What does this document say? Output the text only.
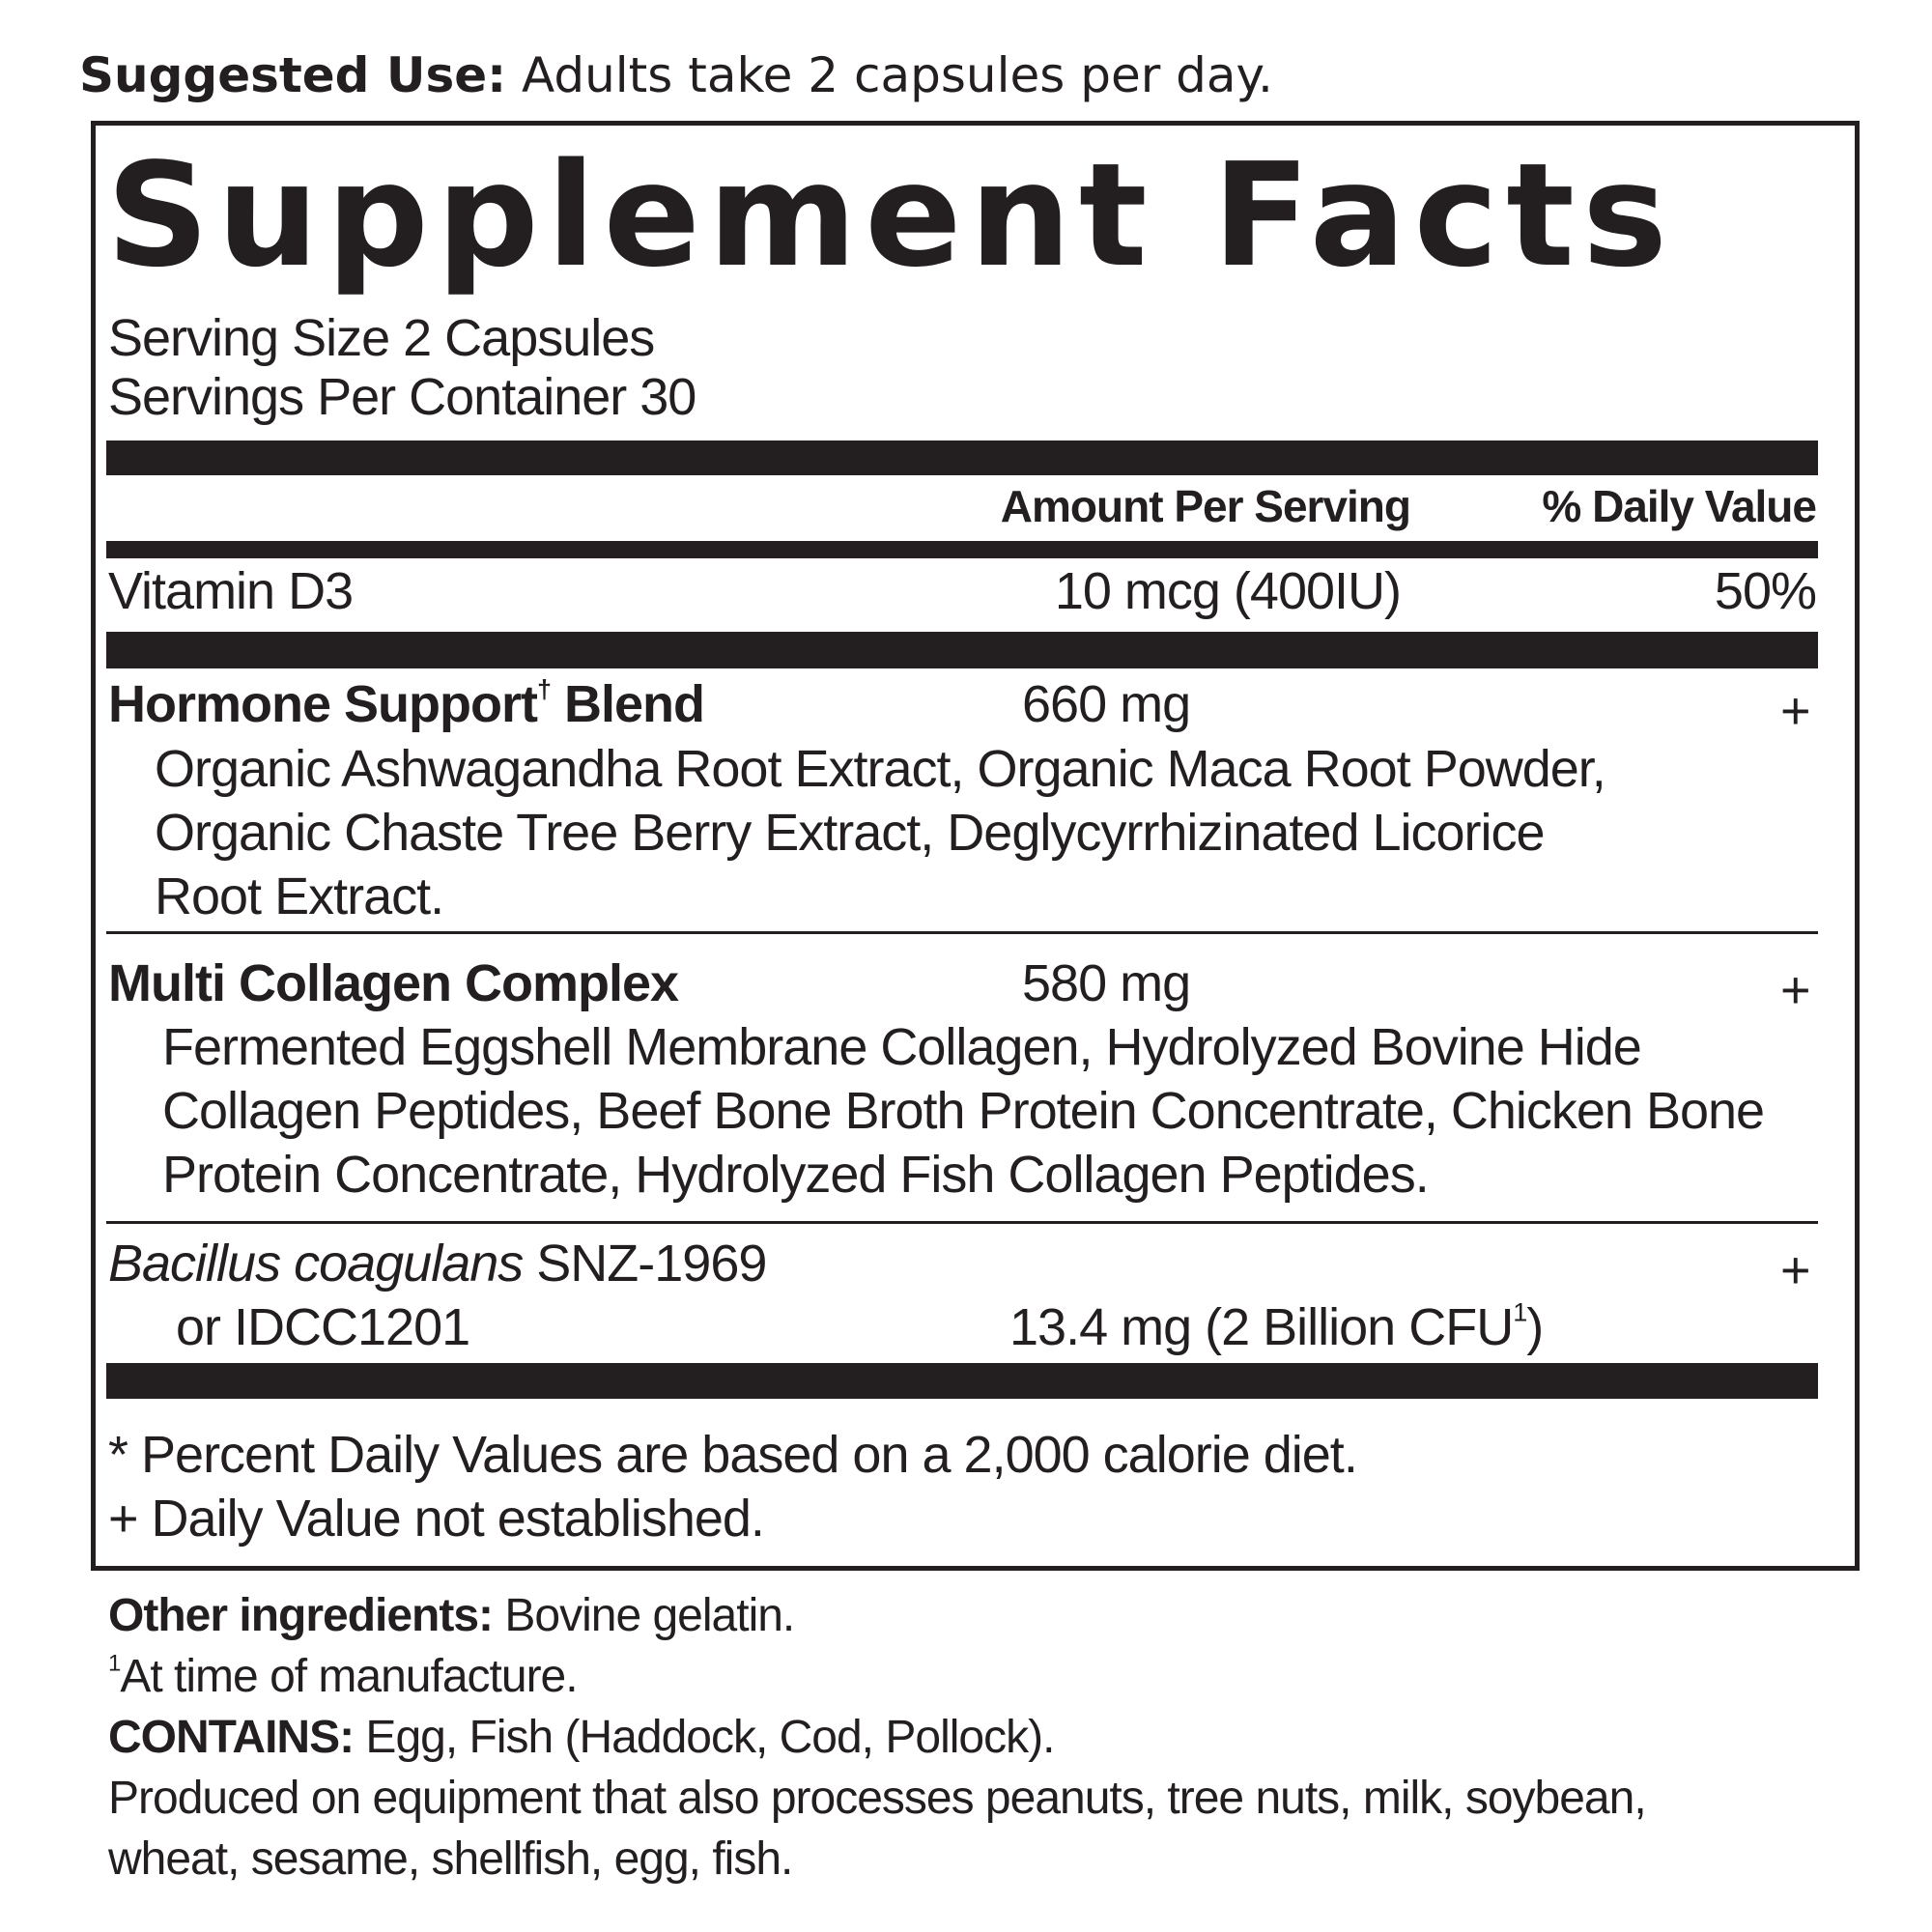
Suggested Use: Adults take 2 capsules per day.
Supplement Facts
Serving Size 2 Capsules
Servings Per Container 30
Amount Per Serving	% Daily Value
Vitamin D3	10 mcg (400IU)	50%
Hormone Support† Blend	660 mg	+
Organic Ashwagandha Root Extract, Organic Maca Root Powder,
Organic Chaste Tree Berry Extract, Deglycyrrhizinated Licorice
Root Extract.
Multi Collagen Complex	580 mg	+
Fermented Eggshell Membrane Collagen, Hydrolyzed Bovine Hide
Collagen Peptides, Beef Bone Broth Protein Concentrate, Chicken Bone
Protein Concentrate, Hydrolyzed Fish Collagen Peptides.
Bacillus coagulans SNZ-1969	+
or IDCC1201	13.4 mg (2 Billion CFU$^1$)
* Percent Daily Values are based on a 2,000 calorie diet.
+ Daily Value not established.
Other ingredients: Bovine gelatin.
$^1$At time of manufacture.
CONTAINS: Egg, Fish (Haddock, Cod, Pollock).
Produced on equipment that also processes peanuts, tree nuts, milk, soybean,
wheat, sesame, shellfish, egg, fish.
